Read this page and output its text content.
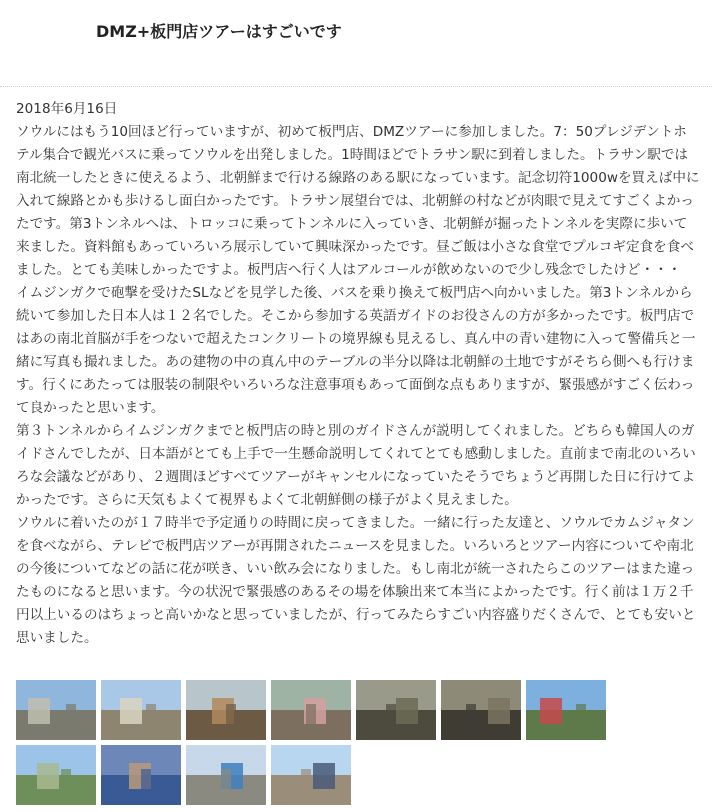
DMZ+板門店ツアーはすごいです

2018年6月16日

ソウルにはもう10回ほど行っていますが、初めて板門店、DMZツアーに参加しました。7：50プレジデントホテル集合で観光バスに乗ってソウルを出発しました。1時間ほどでトラサン駅に到着しました。トラサン駅では南北統一したときに使えるよう、北朝鮮まで行ける線路のある駅になっています。記念切符1000wを買えば中に入れて線路とかも歩けるし面白かったです。トラサン展望台では、北朝鮮の村などが肉眼で見えてすごくよかったです。第3トンネルへは、トロッコに乗ってトンネルに入っていき、北朝鮮が掘ったトンネルを実際に歩いて来ました。資料館もあっていろいろ展示していて興味深かったです。昼ご飯は小さな食堂でプルコギ定食を食べました。とても美味しかったですよ。板門店へ行く人はアルコールが飲めないので少し残念でしたけど・・・

イムジンガクで砲撃を受けたSLなどを見学した後、バスを乗り換えて板門店へ向かいました。第3トンネルから続いて参加した日本人は１２名でした。そこから参加する英語ガイドのお役さんの方が多かったです。板門店ではあの南北首脳が手をつないで超えたコンクリートの境界線も見えるし、真ん中の青い建物に入って警備兵と一緒に写真も撮れました。あの建物の中の真ん中のテーブルの半分以降は北朝鮮の土地ですがそちら側へも行けます。行くにあたっては服装の制限やいろいろな注意事項もあって面倒な点もありますが、緊張感がすごく伝わって良かったと思います。

第３トンネルからイムジンガクまでと板門店の時と別のガイドさんが説明してくれました。どちらも韓国人のガイドさんでしたが、日本語がとても上手で一生懸命説明してくれてとても感動しました。直前まで南北のいろいろな会議などがあり、２週間ほどすべてツアーがキャンセルになっていたそうでちょうど再開した日に行けてよかったです。さらに天気もよくて視界もよくて北朝鮮側の様子がよく見えました。

ソウルに着いたのが１７時半で予定通りの時間に戻ってきました。一緒に行った友達と、ソウルでカムジャタンを食べながら、テレビで板門店ツアーが再開されたニュースを見ました。いろいろとツアー内容についてや南北の今後についてなどの話に花が咲き、いい飲み会になりました。もし南北が統一されたらこのツアーはまた違ったものになると思います。今の状況で緊張感のあるその場を体験出来て本当によかったです。行く前は１万２千円以上いるのはちょっと高いかなと思っていましたが、行ってみたらすごい内容盛りだくさんで、とても安いと思いました。
